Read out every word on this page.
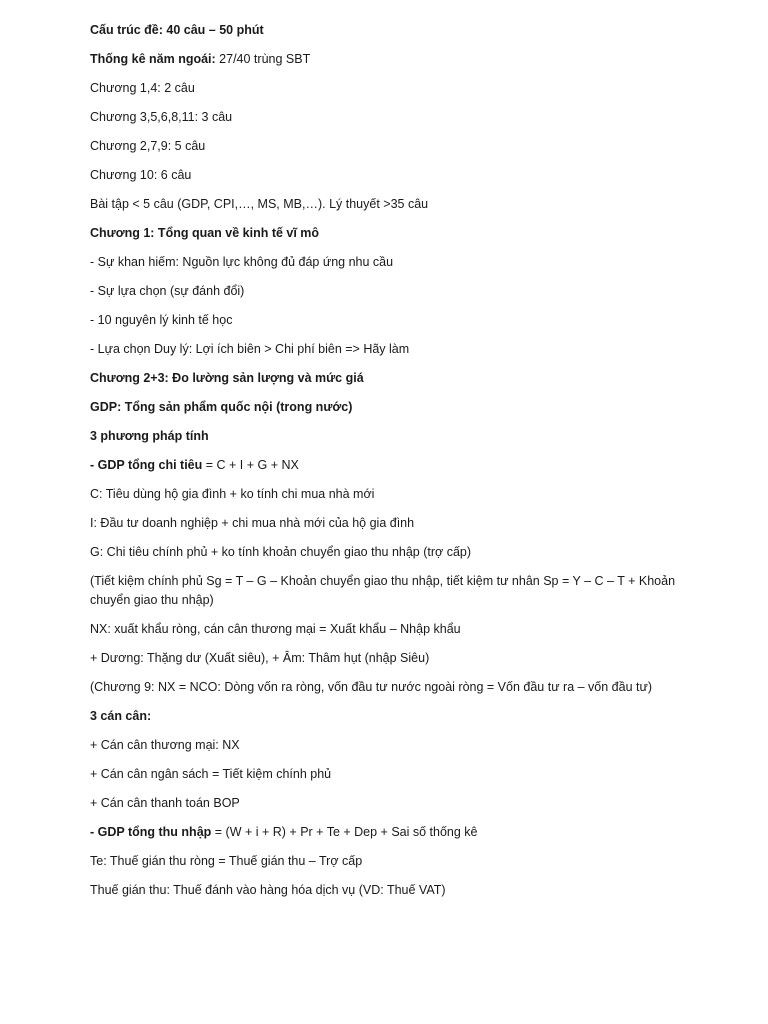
Cấu trúc đề: 40 câu – 50 phút

Thống kê năm ngoái: 27/40 trùng SBT

Chương 1,4: 2 câu

Chương 3,5,6,8,11: 3 câu

Chương 2,7,9: 5 câu

Chương 10: 6 câu

Bài tập < 5 câu (GDP, CPI,…, MS, MB,…). Lý thuyết >35 câu

Chương 1: Tổng quan về kinh tế vĩ mô

- Sự khan hiếm: Nguồn lực không đủ đáp ứng nhu cầu

- Sự lựa chọn (sự đánh đổi)

- 10 nguyên lý kinh tế học

- Lựa chọn Duy lý: Lợi ích biên > Chi phí biên => Hãy làm

Chương 2+3: Đo lường sản lượng và mức giá

GDP: Tổng sản phẩm quốc nội (trong nước)

3 phương pháp tính

- GDP tổng chi tiêu = C + I + G + NX

C: Tiêu dùng hộ gia đình + ko tính chi mua nhà mới

I: Đầu tư doanh nghiệp + chi mua nhà mới của hộ gia đình

G: Chi tiêu chính phủ + ko tính khoản chuyển giao thu nhập (trợ cấp)

(Tiết kiệm chính phủ Sg = T – G – Khoản chuyển giao thu nhập, tiết kiệm tư nhân Sp = Y – C – T + Khoản chuyển giao thu nhập)

NX: xuất khẩu ròng, cán cân thương mại = Xuất khẩu – Nhập khẩu

+ Dương: Thặng dư (Xuất siêu), + Âm: Thâm hụt (nhập Siêu)

(Chương 9: NX = NCO: Dòng vốn ra ròng, vốn đầu tư nước ngoài ròng = Vốn đầu tư ra – vốn đầu tư)

3 cán cân:

+ Cán cân thương mại: NX

+ Cán cân ngân sách = Tiết kiệm chính phủ

+ Cán cân thanh toán BOP

- GDP tổng thu nhập = (W + i + R) + Pr + Te + Dep + Sai số thống kê

Te: Thuế gián thu ròng = Thuế gián thu – Trợ cấp

Thuế gián thu: Thuế đánh vào hàng hóa dịch vụ (VD: Thuế VAT)
